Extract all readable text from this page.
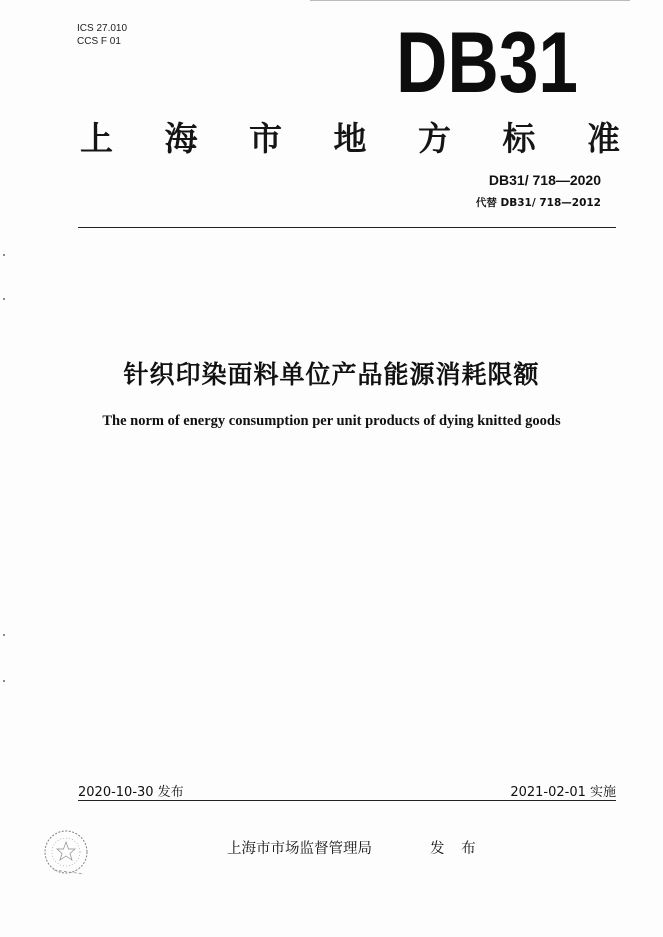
ICS 27.010
CCS F 01	DB31
上 海 市 地 方 标 准
DB31/ 718—2020
代替 DB31/ 718—2012
针织印染面料单位产品能源消耗限额
The norm of energy consumption per unit products of dying knitted goods
2020-10-30 发布	2021-02-01 实施
上海市市场监督管理局	发 布
